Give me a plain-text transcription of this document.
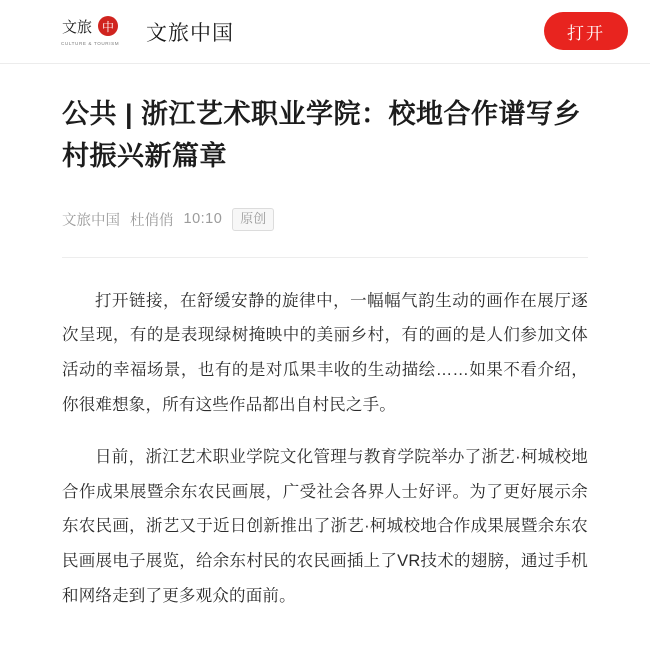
文旅 中
CULTURE & TOURISM 文旅中国	打开
公共 | 浙江艺术职业学院：校地合作谱写乡村振兴新篇章
文旅中国 杜俏俏 10:10	原创

打开链接，在舒缓安静的旋律中，一幅幅气韵生动的画作在展厅逐次呈现，有的是表现绿树掩映中的美丽乡村，有的画的是人们参加文体活动的幸福场景，也有的是对瓜果丰收的生动描绘……如果不看介绍，你很难想象，所有这些作品都出自村民之手。

日前，浙江艺术职业学院文化管理与教育学院举办了浙艺·柯城校地合作成果展暨余东农民画展，广受社会各界人士好评。为了更好展示余东农民画，浙艺又于近日创新推出了浙艺·柯城校地合作成果展暨余东农民画展电子展览，给余东村民的农民画插上了VR技术的翅膀，通过手机和网络走到了更多观众的面前。
